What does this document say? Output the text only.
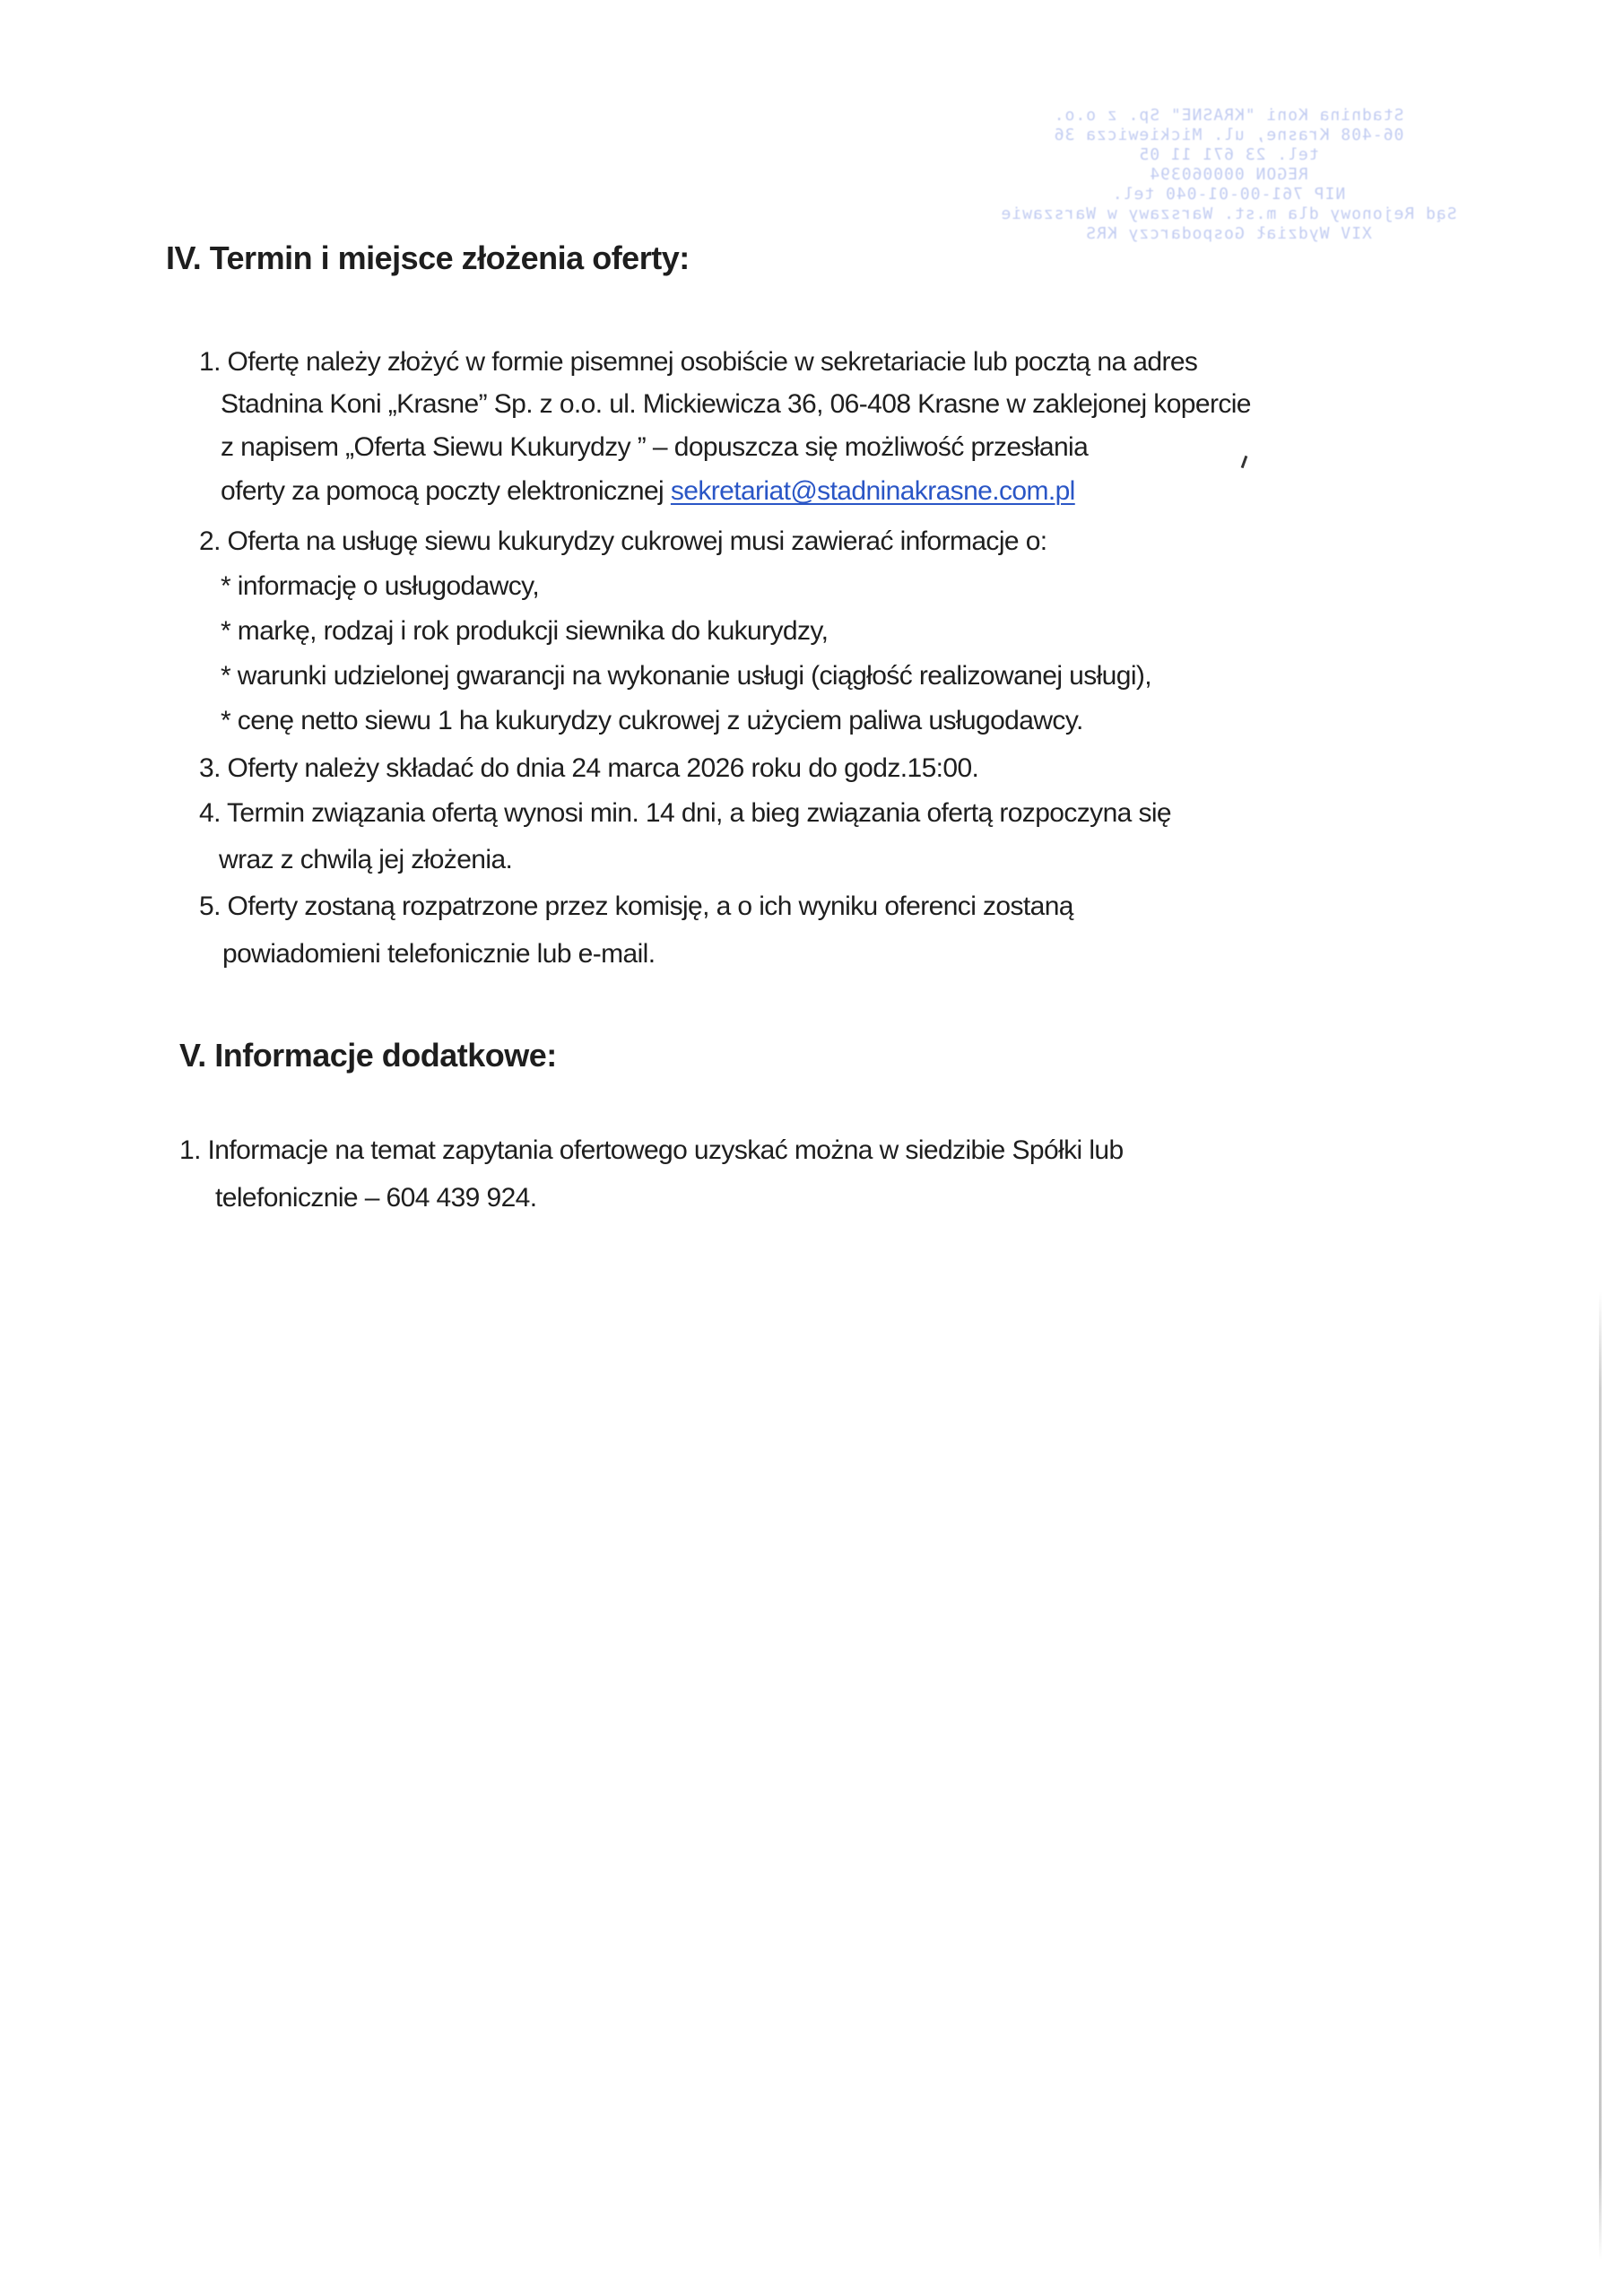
Stadnina Koni "KRASNE" Sp. z o.o.
06-408 Krasne, ul. Mickiewicza 36
tel. 23 671 11 05
REGON 000060394
NIP 761-00-01-040 tel.
Sąd Rejonowy dla m.st. Warszawy w Warszawie
XIV Wydział Gospodarczy KRS
IV. Termin i miejsce złożenia oferty:
1. Ofertę należy złożyć w formie pisemnej osobiście w sekretariacie lub pocztą na adres
Stadnina Koni „Krasne” Sp. z o.o. ul. Mickiewicza 36, 06-408 Krasne w zaklejonej kopercie
z napisem „Oferta Siewu Kukurydzy ” – dopuszcza się możliwość przesłania
oferty za pomocą poczty elektronicznej sekretariat@stadninakrasne.com.pl
2. Oferta na usługę siewu kukurydzy cukrowej musi zawierać informacje o:
* informację o usługodawcy,
* markę, rodzaj i rok produkcji siewnika do kukurydzy,
* warunki udzielonej gwarancji na wykonanie usługi (ciągłość realizowanej usługi),
* cenę netto siewu 1 ha kukurydzy cukrowej z użyciem paliwa usługodawcy.
3. Oferty należy składać do dnia 24 marca 2026 roku do godz.15:00.
4. Termin związania ofertą wynosi min. 14 dni, a bieg związania ofertą rozpoczyna się
wraz z chwilą jej złożenia.
5. Oferty zostaną rozpatrzone przez komisję, a o ich wyniku oferenci zostaną
powiadomieni telefonicznie lub e-mail.
V. Informacje dodatkowe:
1. Informacje na temat zapytania ofertowego uzyskać można w siedzibie Spółki lub
telefonicznie – 604 439 924.
